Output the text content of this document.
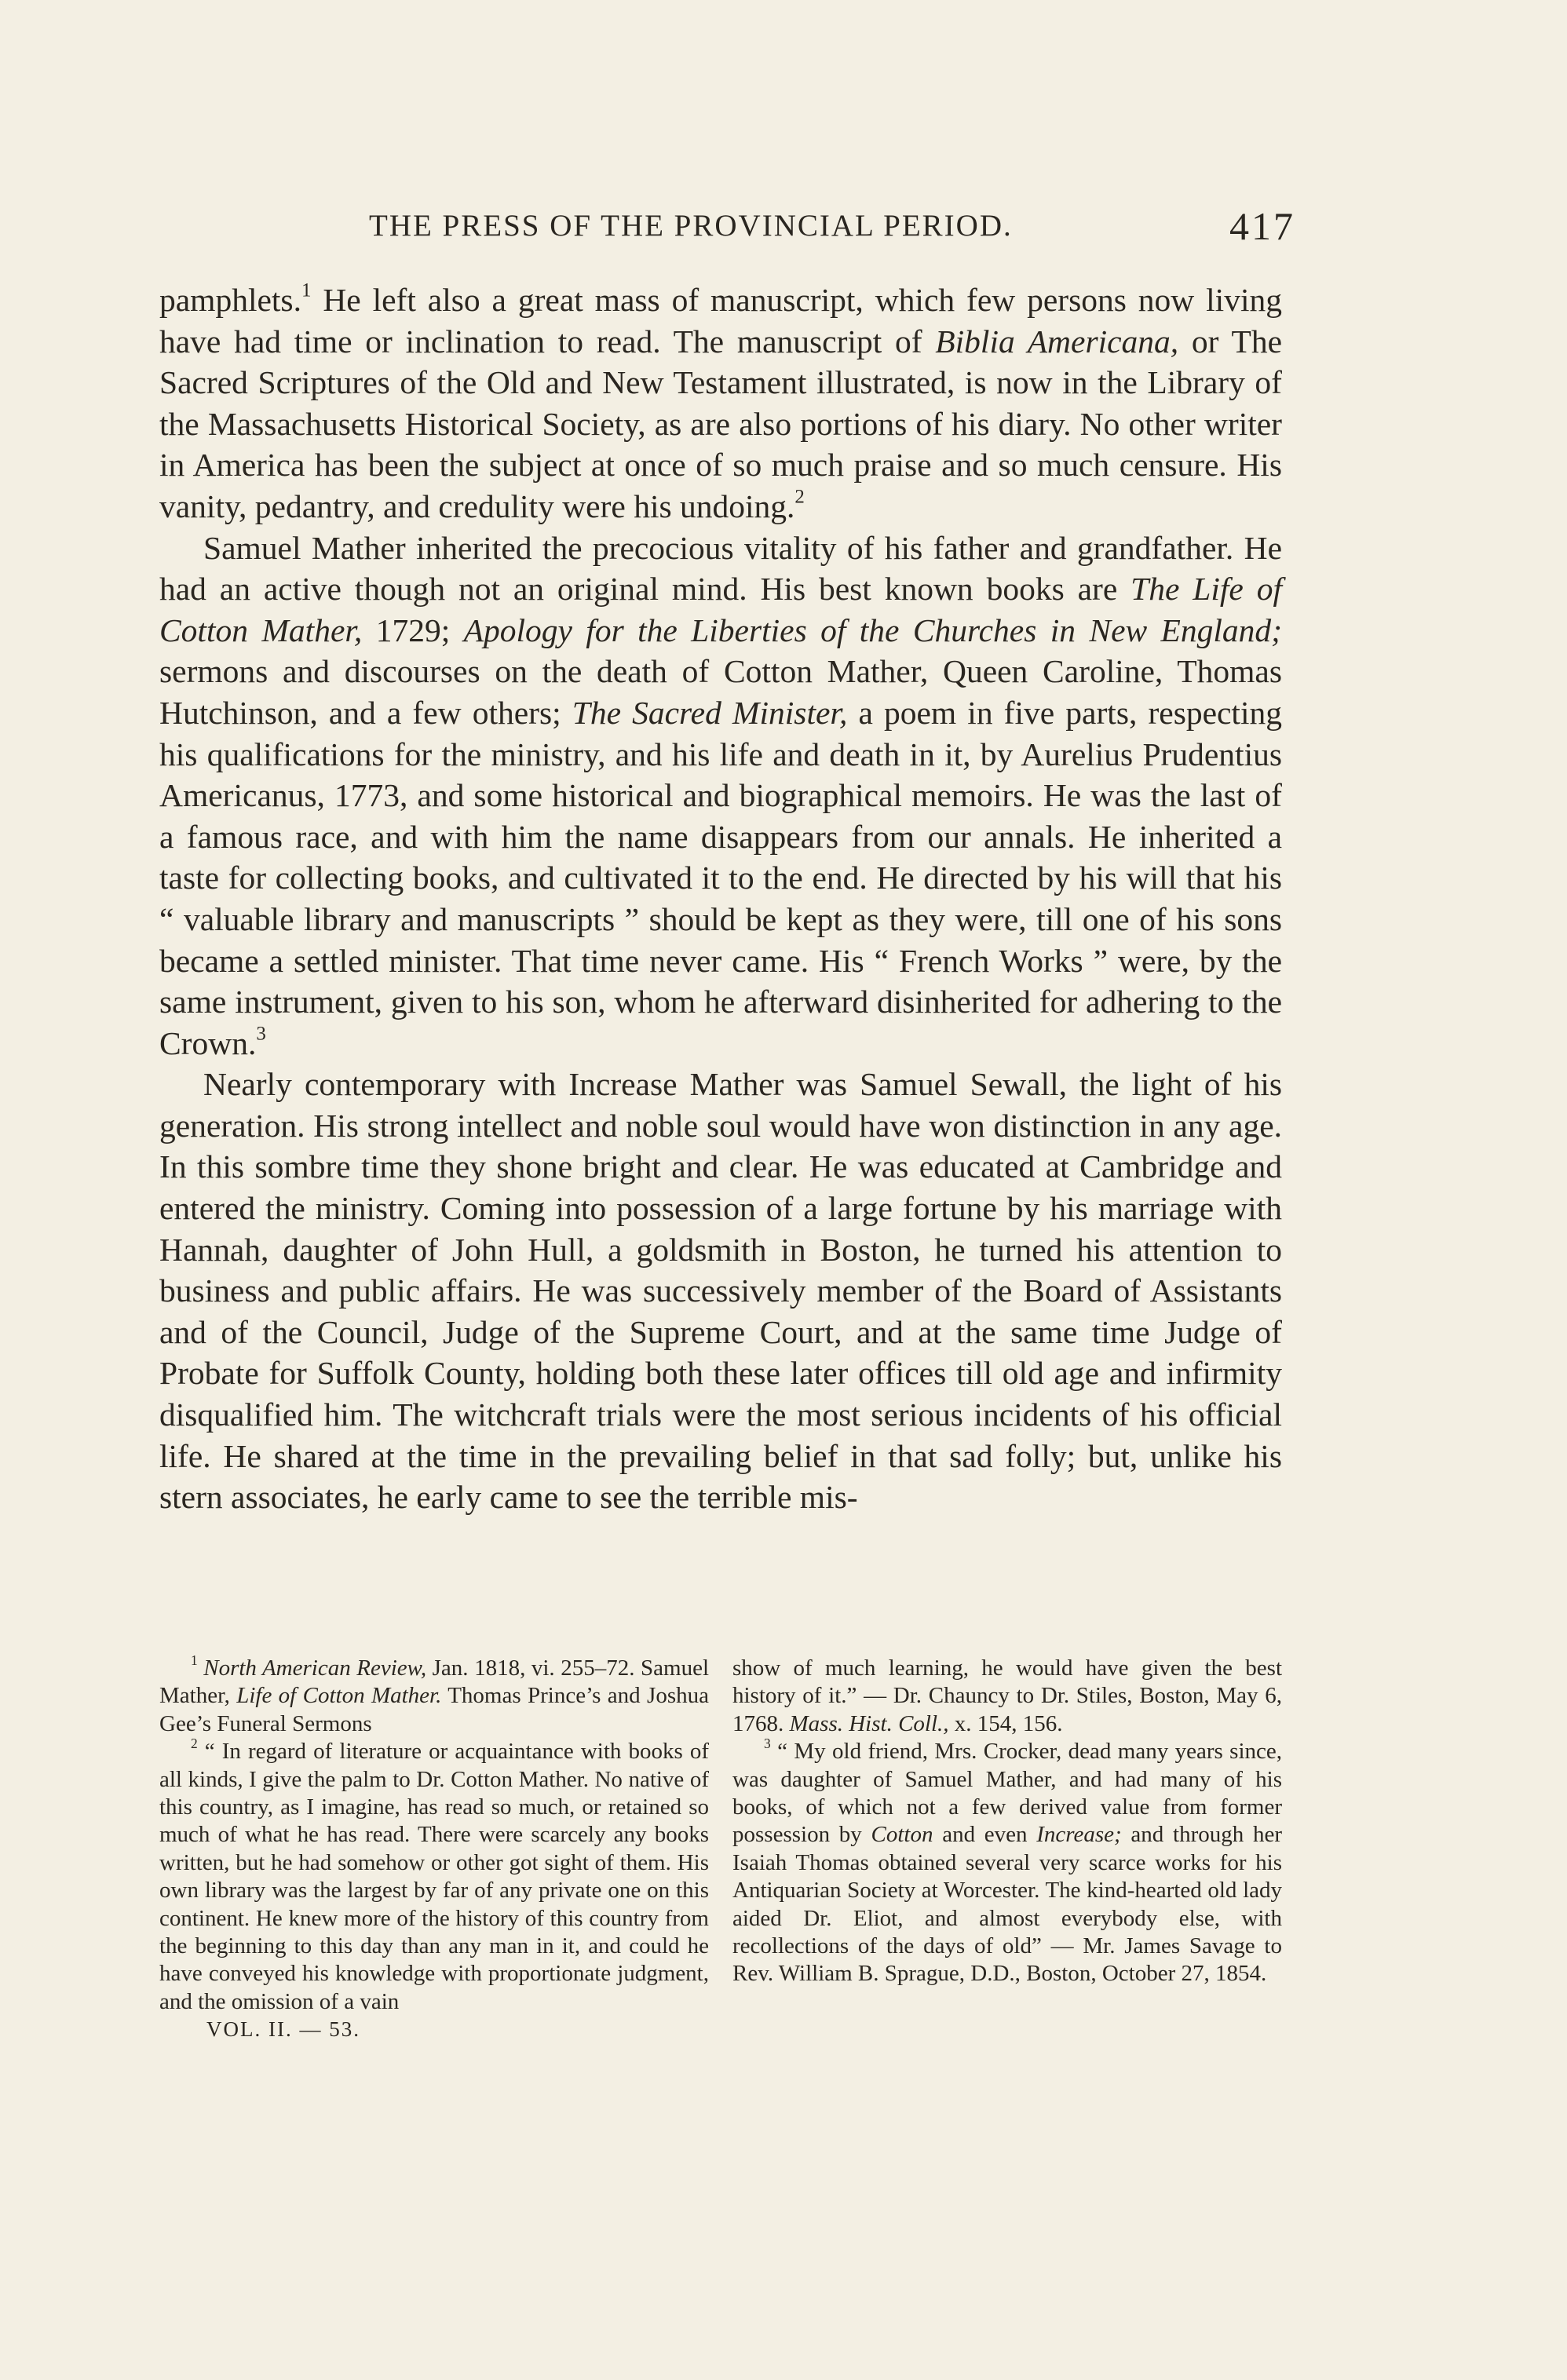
THE PRESS OF THE PROVINCIAL PERIOD.	417

pamphlets.$^1$ He left also a great mass of manuscript, which few persons now living have had time or inclination to read. The manuscript of Biblia Americana, or The Sacred Scriptures of the Old and New Testament illustrated, is now in the Library of the Massachusetts Historical Society, as are also portions of his diary. No other writer in America has been the subject at once of so much praise and so much censure. His vanity, pedantry, and credulity were his undoing.$^2$

Samuel Mather inherited the precocious vitality of his father and grandfather. He had an active though not an original mind. His best known books are The Life of Cotton Mather, 1729; Apology for the Liberties of the Churches in New England; sermons and discourses on the death of Cotton Mather, Queen Caroline, Thomas Hutchinson, and a few others; The Sacred Minister, a poem in five parts, respecting his qualifications for the ministry, and his life and death in it, by Aurelius Prudentius Americanus, 1773, and some historical and biographical memoirs. He was the last of a famous race, and with him the name disappears from our annals. He inherited a taste for collecting books, and cultivated it to the end. He directed by his will that his “ valuable library and manuscripts ” should be kept as they were, till one of his sons became a settled minister. That time never came. His “ French Works ” were, by the same instrument, given to his son, whom he afterward disinherited for adhering to the Crown.$^3$

Nearly contemporary with Increase Mather was Samuel Sewall, the light of his generation. His strong intellect and noble soul would have won distinction in any age. In this sombre time they shone bright and clear. He was educated at Cambridge and entered the ministry. Coming into possession of a large fortune by his marriage with Hannah, daughter of John Hull, a goldsmith in Boston, he turned his attention to business and public affairs. He was successively member of the Board of Assistants and of the Council, Judge of the Supreme Court, and at the same time Judge of Probate for Suffolk County, holding both these later offices till old age and infirmity disqualified him. The witchcraft trials were the most serious incidents of his official life. He shared at the time in the prevailing belief in that sad folly; but, unlike his stern associates, he early came to see the terrible mis-

$^1$ North American Review, Jan. 1818, vi. 255–72. Samuel Mather, Life of Cotton Mather. Thomas Prince’s and Joshua Gee’s Funeral Sermons

$^2$ “ In regard of literature or acquaintance with books of all kinds, I give the palm to Dr. Cotton Mather. No native of this country, as I imagine, has read so much, or retained so much of what he has read. There were scarcely any books written, but he had somehow or other got sight of them. His own library was the largest by far of any private one on this continent. He knew more of the history of this country from the beginning to this day than any man in it, and could he have conveyed his knowledge with proportionate judgment, and the omission of a vain

VOL. II. — 53.

show of much learning, he would have given the best history of it.” — Dr. Chauncy to Dr. Stiles, Boston, May 6, 1768. Mass. Hist. Coll., x. 154, 156.

$^3$ “ My old friend, Mrs. Crocker, dead many years since, was daughter of Samuel Mather, and had many of his books, of which not a few derived value from former possession by Cotton and even Increase; and through her Isaiah Thomas obtained several very scarce works for his Antiquarian Society at Worcester. The kind-hearted old lady aided Dr. Eliot, and almost everybody else, with recollections of the days of old” — Mr. James Savage to Rev. William B. Sprague, D.D., Boston, October 27, 1854.
